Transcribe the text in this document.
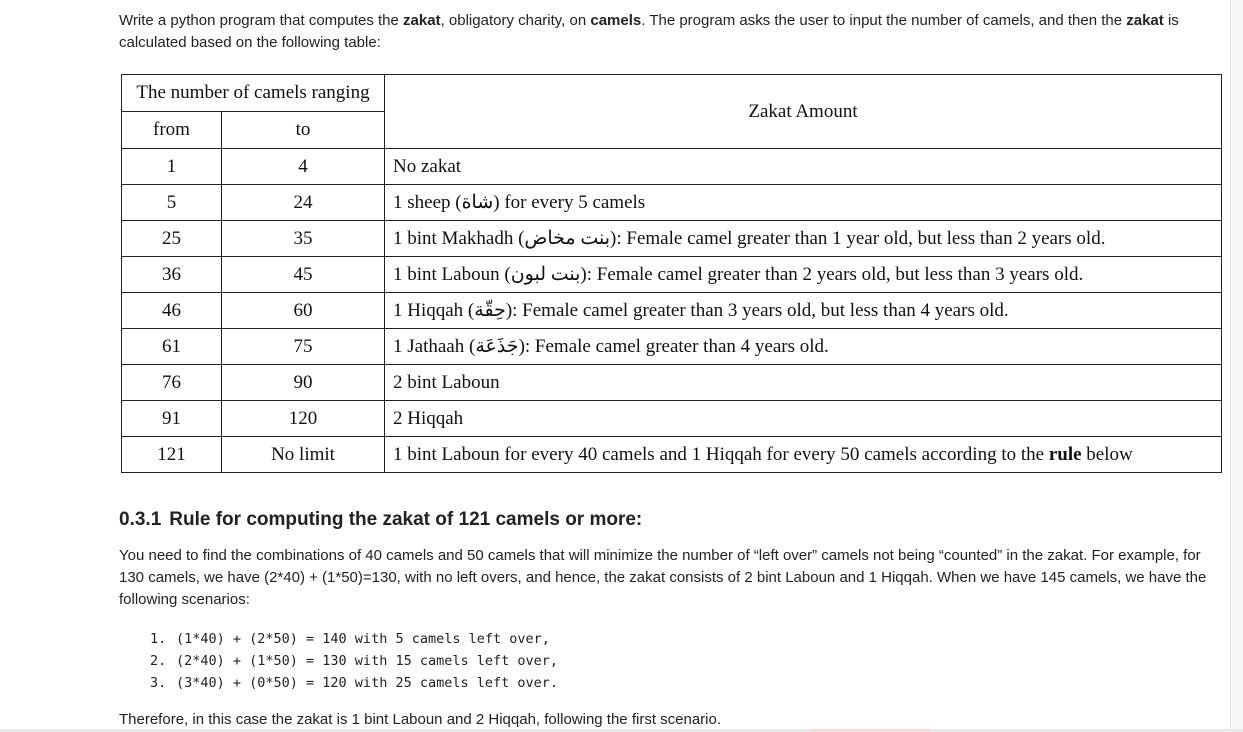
Write a python program that computes the zakat, obligatory charity, on camels. The program asks the user to input the number of camels, and then the zakat is calculated based on the following table:

The number of camels ranging		Zakat Amount
from	to	
1	4	No zakat
5	24	1 sheep (شاة) for every 5 camels
25	35	1 bint Makhadh (بنت مخاض): Female camel greater than 1 year old, but less than 2 years old.
36	45	1 bint Laboun (بنت لبون): Female camel greater than 2 years old, but less than 3 years old.
46	60	1 Hiqqah (حِقّة): Female camel greater than 3 years old, but less than 4 years old.
61	75	1 Jathaah (جَذَعَة): Female camel greater than 4 years old.
76	90	2 bint Laboun
91	120	2 Hiqqah
121	No limit	1 bint Laboun for every 40 camels and 1 Hiqqah for every 50 camels according to the rule below
0.3.1 Rule for computing the zakat of 121 camels or more:

You need to find the combinations of 40 camels and 50 camels that will minimize the number of “left over” camels not being “counted” in the zakat. For example, for 130 camels, we have (2*40) + (1*50)=130, with no left overs, and hence, the zakat consists of 2 bint Laboun and 1 Hiqqah. When we have 145 camels, we have the following scenarios:

1. (1*40) + (2*50) = 140 with 5 camels left over,
2. (2*40) + (1*50) = 130 with 15 camels left over,
3. (3*40) + (0*50) = 120 with 25 camels left over.

Therefore, in this case the zakat is 1 bint Laboun and 2 Hiqqah, following the first scenario.
